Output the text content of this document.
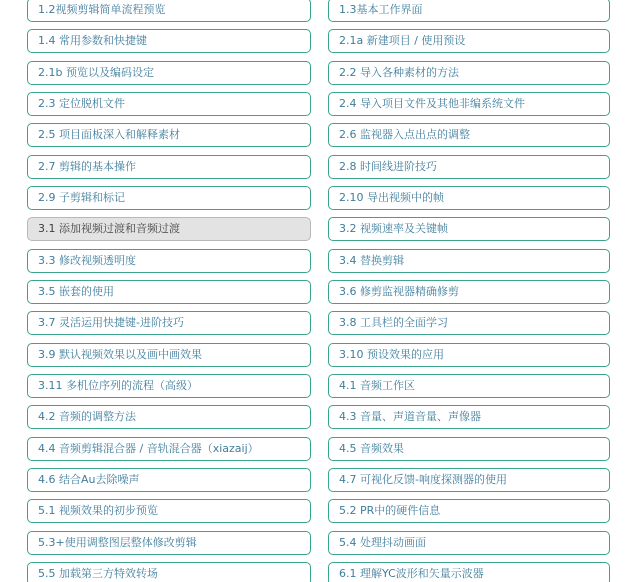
1.2视频剪辑简单流程预览	1.3基本工作界面
1.4 常用参数和快捷键	2.1a 新建项目 / 使用预设
2.1b 预览以及编码设定	2.2 导入各种素材的方法
2.3 定位脱机文件	2.4 导入项目文件及其他非编系统文件
2.5 项目面板深入和解释素材	2.6 监视器入点出点的调整
2.7 剪辑的基本操作	2.8 时间线进阶技巧
2.9 子剪辑和标记	2.10 导出视频中的帧
3.1 添加视频过渡和音频过渡	3.2 视频速率及关键帧
3.3 修改视频透明度	3.4 替换剪辑
3.5 嵌套的使用	3.6 修剪监视器精确修剪
3.7 灵活运用快捷键-进阶技巧	3.8 工具栏的全面学习
3.9 默认视频效果以及画中画效果	3.10 预设效果的应用
3.11 多机位序列的流程（高级）	4.1 音频工作区
4.2 音频的调整方法	4.3 音量、声道音量、声像器
4.4 音频剪辑混合器 / 音轨混合器（xiazaij）	4.5 音频效果
4.6 结合Au去除噪声	4.7 可视化反馈-响度探测器的使用
5.1 视频效果的初步预览	5.2 PR中的硬件信息
5.3+使用调整图层整体修改剪辑	5.4 处理抖动画面
5.5 加载第三方特效转场	6.1 理解YC波形和矢量示波器
